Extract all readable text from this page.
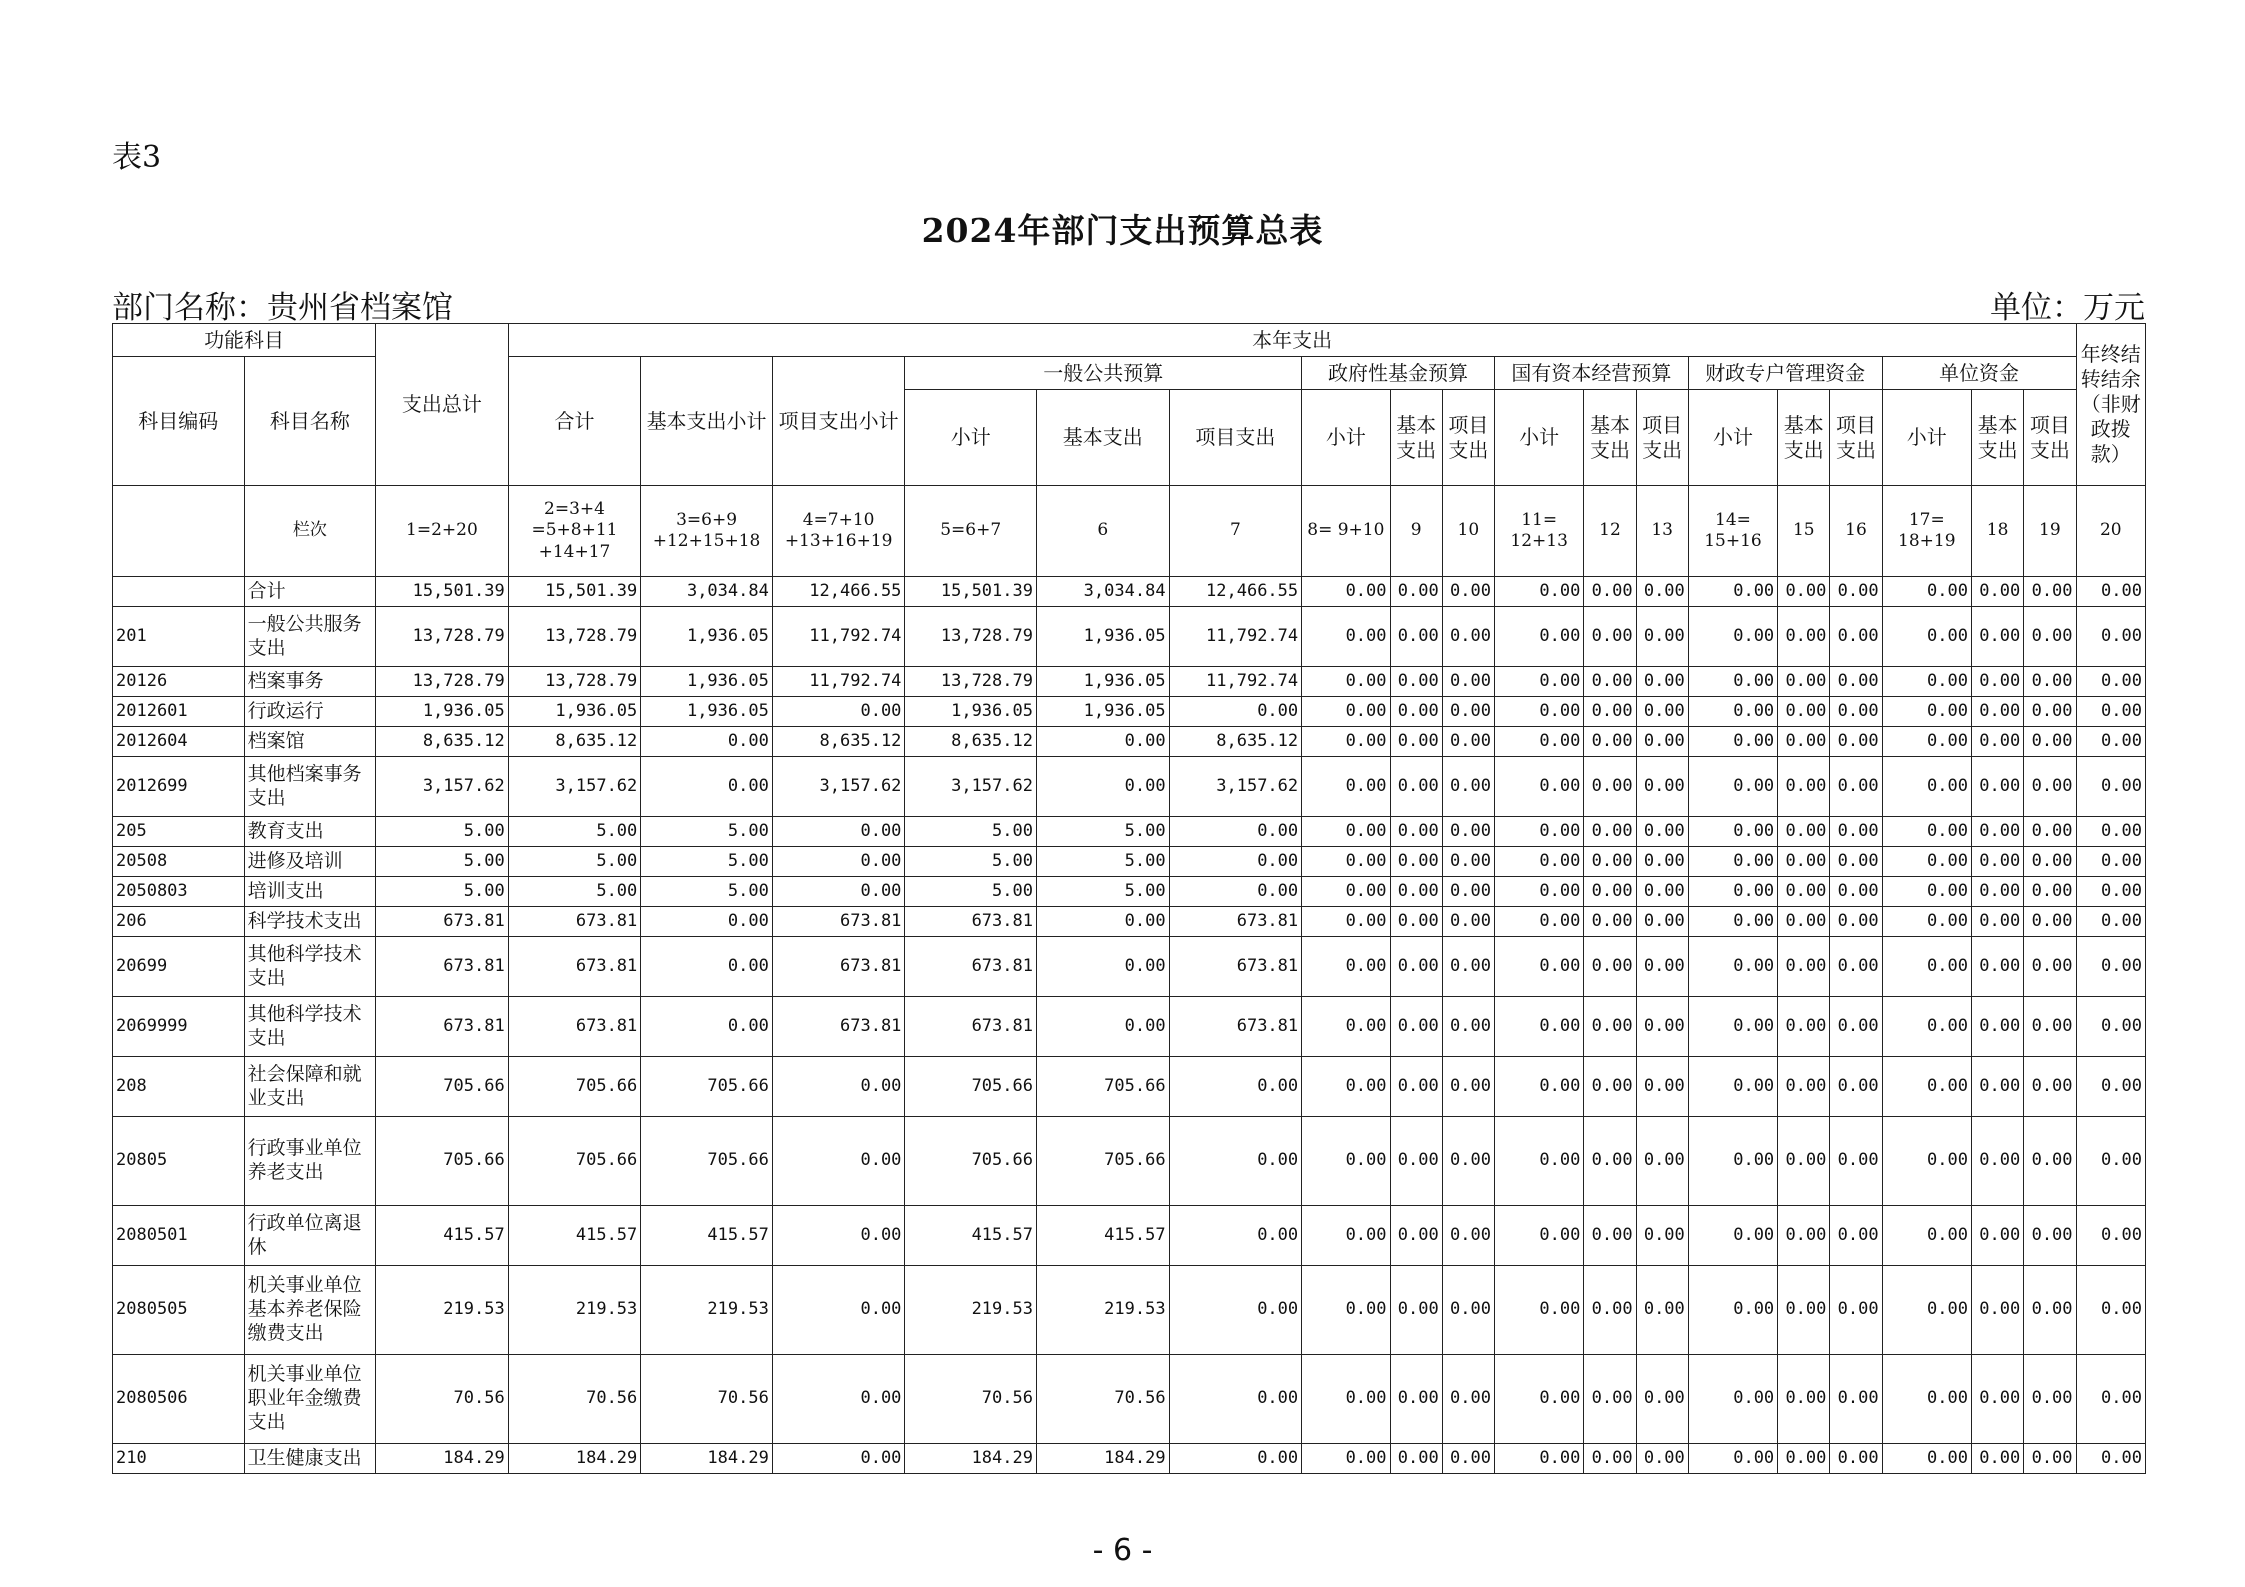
表3
2024年部门支出预算总表
部门名称：贵州省档案馆	单位：万元
功能科目		支出总计	本年支出																		年终结转结余（非财政拨款）
科目编码	科目名称		合计	基本支出小计	项目支出小计	一般公共预算			政府性基金预算			国有资本经营预算			财政专户管理资金			单位资金			
						小计	基本支出	项目支出	小计	基本支出	项目支出	小计	基本支出	项目支出	小计	基本支出	项目支出	小计	基本支出	项目支出	
	栏次	1=2+20	2=3+4 =5+8+11 +14+17	3=6+9 +12+15+18	4=7+10 +13+16+19	5=6+7	6	7	8= 9+10	9	10	11= 12+13	12	13	14= 15+16	15	16	17= 18+19	18	19	20
	合计	15,501.39	15,501.39	3,034.84	12,466.55	15,501.39	3,034.84	12,466.55	0.00	0.00	0.00	0.00	0.00	0.00	0.00	0.00	0.00	0.00	0.00	0.00	0.00
201	一般公共服务支出	13,728.79	13,728.79	1,936.05	11,792.74	13,728.79	1,936.05	11,792.74	0.00	0.00	0.00	0.00	0.00	0.00	0.00	0.00	0.00	0.00	0.00	0.00	0.00
20126	档案事务	13,728.79	13,728.79	1,936.05	11,792.74	13,728.79	1,936.05	11,792.74	0.00	0.00	0.00	0.00	0.00	0.00	0.00	0.00	0.00	0.00	0.00	0.00	0.00
2012601	行政运行	1,936.05	1,936.05	1,936.05	0.00	1,936.05	1,936.05	0.00	0.00	0.00	0.00	0.00	0.00	0.00	0.00	0.00	0.00	0.00	0.00	0.00	0.00
2012604	档案馆	8,635.12	8,635.12	0.00	8,635.12	8,635.12	0.00	8,635.12	0.00	0.00	0.00	0.00	0.00	0.00	0.00	0.00	0.00	0.00	0.00	0.00	0.00
2012699	其他档案事务支出	3,157.62	3,157.62	0.00	3,157.62	3,157.62	0.00	3,157.62	0.00	0.00	0.00	0.00	0.00	0.00	0.00	0.00	0.00	0.00	0.00	0.00	0.00
205	教育支出	5.00	5.00	5.00	0.00	5.00	5.00	0.00	0.00	0.00	0.00	0.00	0.00	0.00	0.00	0.00	0.00	0.00	0.00	0.00	0.00
20508	进修及培训	5.00	5.00	5.00	0.00	5.00	5.00	0.00	0.00	0.00	0.00	0.00	0.00	0.00	0.00	0.00	0.00	0.00	0.00	0.00	0.00
2050803	培训支出	5.00	5.00	5.00	0.00	5.00	5.00	0.00	0.00	0.00	0.00	0.00	0.00	0.00	0.00	0.00	0.00	0.00	0.00	0.00	0.00
206	科学技术支出	673.81	673.81	0.00	673.81	673.81	0.00	673.81	0.00	0.00	0.00	0.00	0.00	0.00	0.00	0.00	0.00	0.00	0.00	0.00	0.00
20699	其他科学技术支出	673.81	673.81	0.00	673.81	673.81	0.00	673.81	0.00	0.00	0.00	0.00	0.00	0.00	0.00	0.00	0.00	0.00	0.00	0.00	0.00
2069999	其他科学技术支出	673.81	673.81	0.00	673.81	673.81	0.00	673.81	0.00	0.00	0.00	0.00	0.00	0.00	0.00	0.00	0.00	0.00	0.00	0.00	0.00
208	社会保障和就业支出	705.66	705.66	705.66	0.00	705.66	705.66	0.00	0.00	0.00	0.00	0.00	0.00	0.00	0.00	0.00	0.00	0.00	0.00	0.00	0.00
20805	行政事业单位养老支出	705.66	705.66	705.66	0.00	705.66	705.66	0.00	0.00	0.00	0.00	0.00	0.00	0.00	0.00	0.00	0.00	0.00	0.00	0.00	0.00
2080501	行政单位离退休	415.57	415.57	415.57	0.00	415.57	415.57	0.00	0.00	0.00	0.00	0.00	0.00	0.00	0.00	0.00	0.00	0.00	0.00	0.00	0.00
2080505	机关事业单位基本养老保险缴费支出	219.53	219.53	219.53	0.00	219.53	219.53	0.00	0.00	0.00	0.00	0.00	0.00	0.00	0.00	0.00	0.00	0.00	0.00	0.00	0.00
2080506	机关事业单位职业年金缴费支出	70.56	70.56	70.56	0.00	70.56	70.56	0.00	0.00	0.00	0.00	0.00	0.00	0.00	0.00	0.00	0.00	0.00	0.00	0.00	0.00
210	卫生健康支出	184.29	184.29	184.29	0.00	184.29	184.29	0.00	0.00	0.00	0.00	0.00	0.00	0.00	0.00	0.00	0.00	0.00	0.00	0.00	0.00
- 6 -
